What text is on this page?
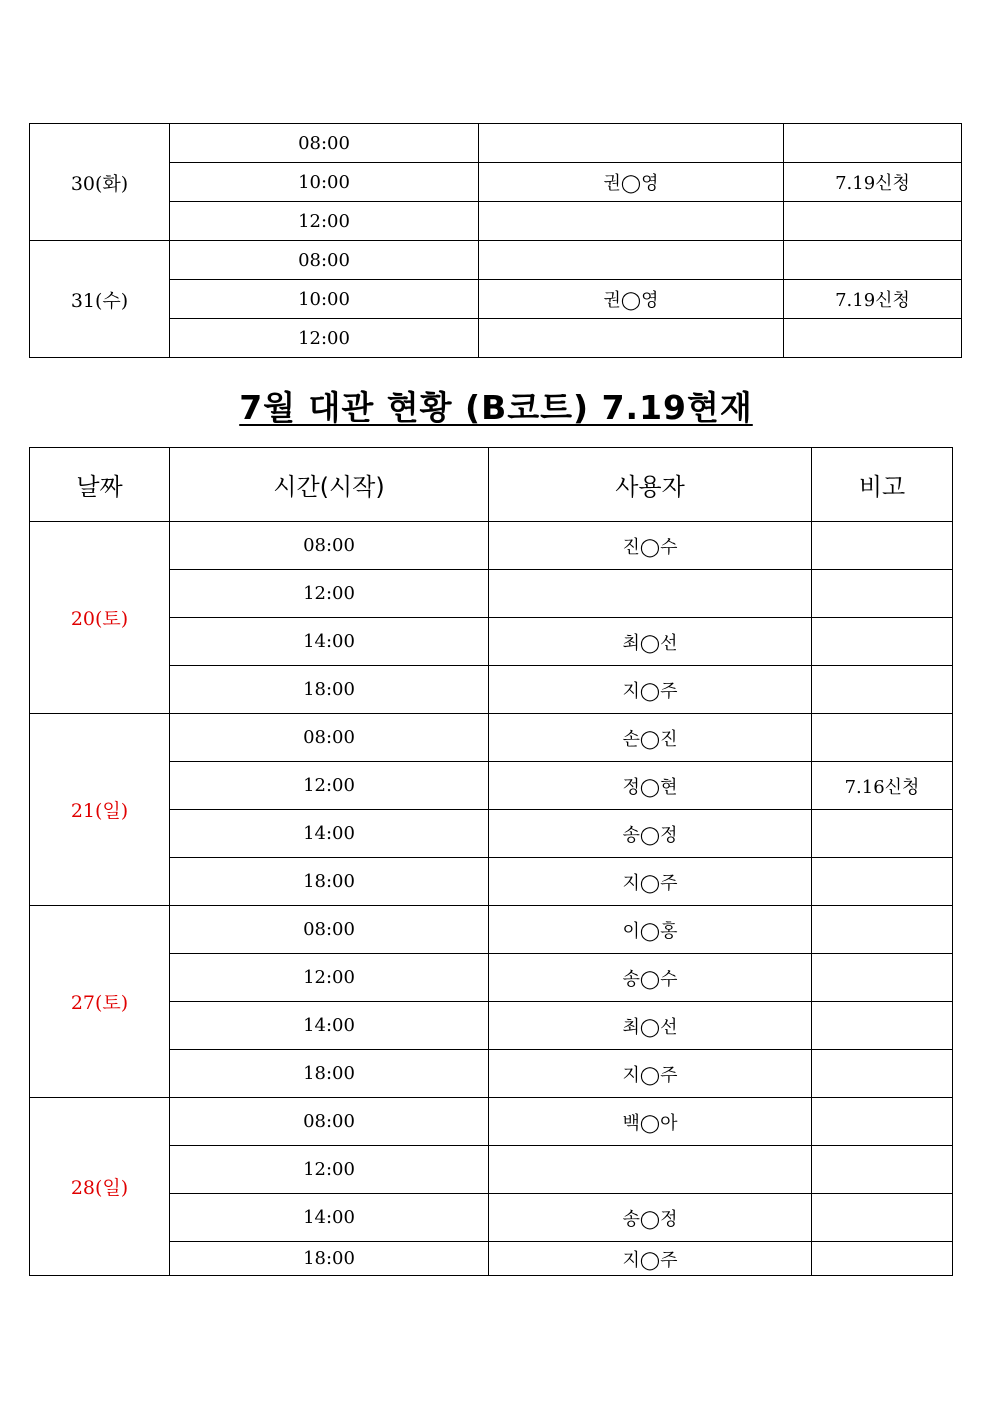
30(화)	08:00		
	10:00	권◯영	7.19신청
	12:00		
31(수)	08:00		
	10:00	권◯영	7.19신청
	12:00		
7월 대관 현황 (B코트) 7.19현재
날짜	시간(시작)	사용자	비고
20(토)	08:00	진◯수	
	12:00		
	14:00	최◯선	
	18:00	지◯주	
21(일)	08:00	손◯진	
	12:00	정◯현	7.16신청
	14:00	송◯정	
	18:00	지◯주	
27(토)	08:00	이◯홍	
	12:00	송◯수	
	14:00	최◯선	
	18:00	지◯주	
28(일)	08:00	백◯아	
	12:00		
	14:00	송◯정	
	18:00	지◯주	
